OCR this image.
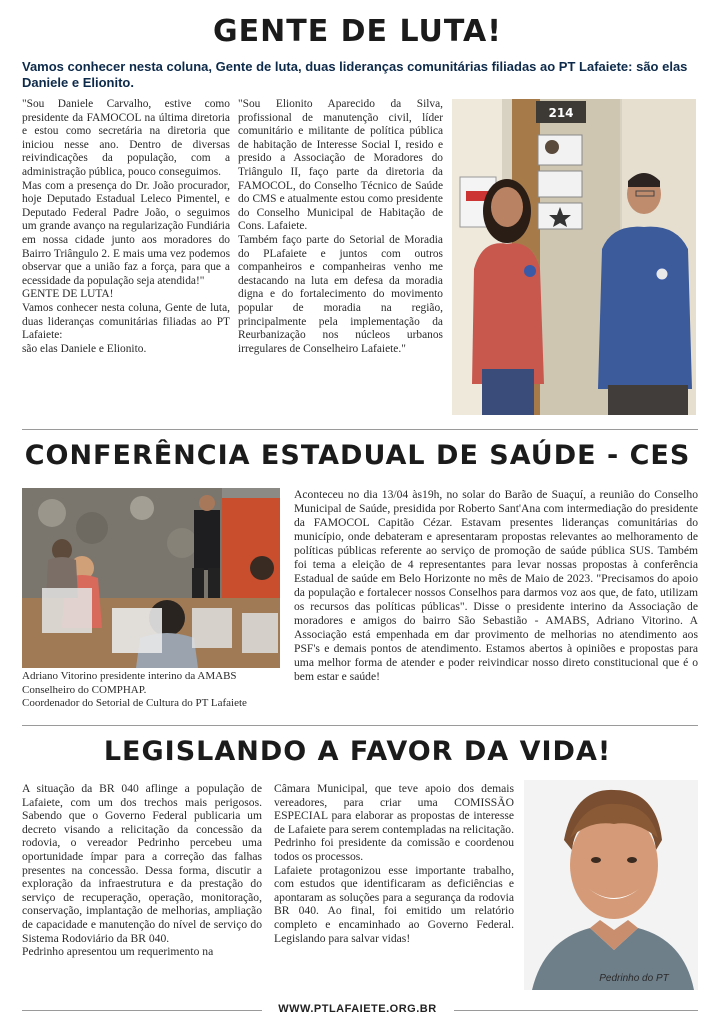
GENTE DE LUTA!
Vamos conhecer nesta coluna, Gente de luta, duas lideranças comunitárias filiadas ao PT Lafaiete: são elas Daniele e Elionito.

"Sou Daniele Carvalho, estive como presidente da FAMOCOL na última diretoria e estou como secretária na diretoria que iniciou nesse ano. Dentro de diversas reivindicações da população, com a administração pública, pouco conseguimos.

Mas com a presença do Dr. João procurador, hoje Deputado Estadual Leleco Pimentel, e Deputado Federal Padre João, o seguimos um grande avanço na regularização Fundiária em nossa cidade junto aos moradores do Bairro Triângulo 2. E mais uma vez podemos observar que a união faz a força, para que a ecessidade da população seja atendida!"

GENTE DE LUTA!

Vamos conhecer nesta coluna, Gente de luta, duas lideranças comunitárias filiadas ao PT Lafaiete:

são elas Daniele e Elionito.

"Sou Elionito Aparecido da Silva, profissional de manutenção civil, líder comunitário e militante de política pública de habitação de Interesse Social I, resido e presido a Associação de Moradores do Triângulo II, faço parte da diretoria da FAMOCOL, do Conselho Técnico de Saúde do CMS e atualmente estou como presidente do Conselho Municipal de Habitação de Cons. Lafaiete.

Também faço parte do Setorial de Moradia do PLafaiete e juntos com outros companheiros e companheiras venho me destacando na luta em defesa da moradia digna e do fortalecimento do movimento popular de moradia na região, principalmente pela implementação da Reurbanização nos núcleos urbanos irregulares de Conselheiro Lafaiete."

214
CONFERÊNCIA ESTADUAL DE SAÚDE - CES
Adriano Vitorino presidente interino da AMABS
Conselheiro do COMPHAP.
Coordenador do Setorial de Cultura do PT Lafaiete

Aconteceu no dia 13/04 às19h, no solar do Barão de Suaçuí, a reunião do Conselho Municipal de Saúde, presidida por Roberto Sant'Ana com intermediação do presidente da FAMOCOL Capitão Cézar. Estavam presentes lideranças comunitárias do município, onde debateram e apresentaram propostas relevantes ao melhoramento de políticas públicas referente ao serviço de promoção de saúde pública SUS. Também foi tema a eleição de 4 representantes para levar nossas propostas à conferência Estadual de saúde em Belo Horizonte no mês de Maio de 2023. "Precisamos do apoio da população e fortalecer nossos Conselhos para darmos voz aos que, de fato, utilizam os recursos das políticas públicas". Disse o presidente interino da Associação de moradores e amigos do bairro São Sebastião - AMABS, Adriano Vitorino. A Associação está empenhada em dar provimento de melhorias no atendimento aos PSF's e demais pontos de atendimento. Estamos abertos à opiniões e propostas para uma melhor forma de atender e poder reivindicar nosso direto constitucional que é o bem estar e saúde!

LEGISLANDO A FAVOR DA VIDA!

A situação da BR 040 aflinge a população de Lafaiete, com um dos trechos mais perigosos. Sabendo que o Governo Federal publicaria um decreto visando a relicitação da concessão da rodovia, o vereador Pedrinho percebeu uma oportunidade ímpar para a correção das falhas presentes na concessão. Dessa forma, discutir a exploração da infraestrutura e da prestação do serviço de recuperação, operação, monitoração, conservação, implantação de melhorias, ampliação de capacidade e manutenção do nível de serviço do Sistema Rodoviário da BR 040.

Pedrinho apresentou um requerimento na

Câmara Municipal, que teve apoio dos demais vereadores, para criar uma COMISSÃO ESPECIAL para elaborar as propostas de interesse de Lafaiete para serem contempladas na relicitação. Pedrinho foi presidente da comissão e coordenou todos os processos.

Lafaiete protagonizou esse importante trabalho, com estudos que identificaram as deficiências e apontaram as soluções para a segurança da rodovia BR 040. Ao final, foi emitido um relatório completo e encaminhado ao Governo Federal. Legislando para salvar vidas!

Pedrinho do PT
WWW.PTLAFAIETE.ORG.BR
